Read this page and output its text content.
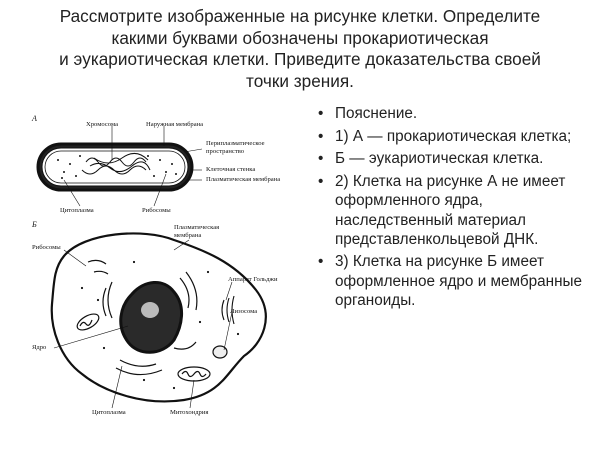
Рассмотрите изображенные на рисунке клетки. Определите
какими буквами обозначены прокариотическая
и эукариотическая клетки. Приведите доказательства своей
точки зрения.
А
Хромосома	Наружная мембрана
Периплазматическое
пространство
Клеточная стенка
Плазматическая мембрана
Цитоплазма	Рибосомы
Б
Рибосомы
Плазматическая
мембрана
Аппарат Гольджи
Лизосома
Ядро
Цитоплазма	Митохондрия
• Пояснение.
• 1) А — прокариотическая клетка;
• Б — эукариотическая клетка.
• 2) Клетка на рисунке А не имеет оформленного ядра, наследственный материал представленкольцевой ДНК.
• 3) Клетка на рисунке Б имеет оформленное ядро и мембранные органоиды.
